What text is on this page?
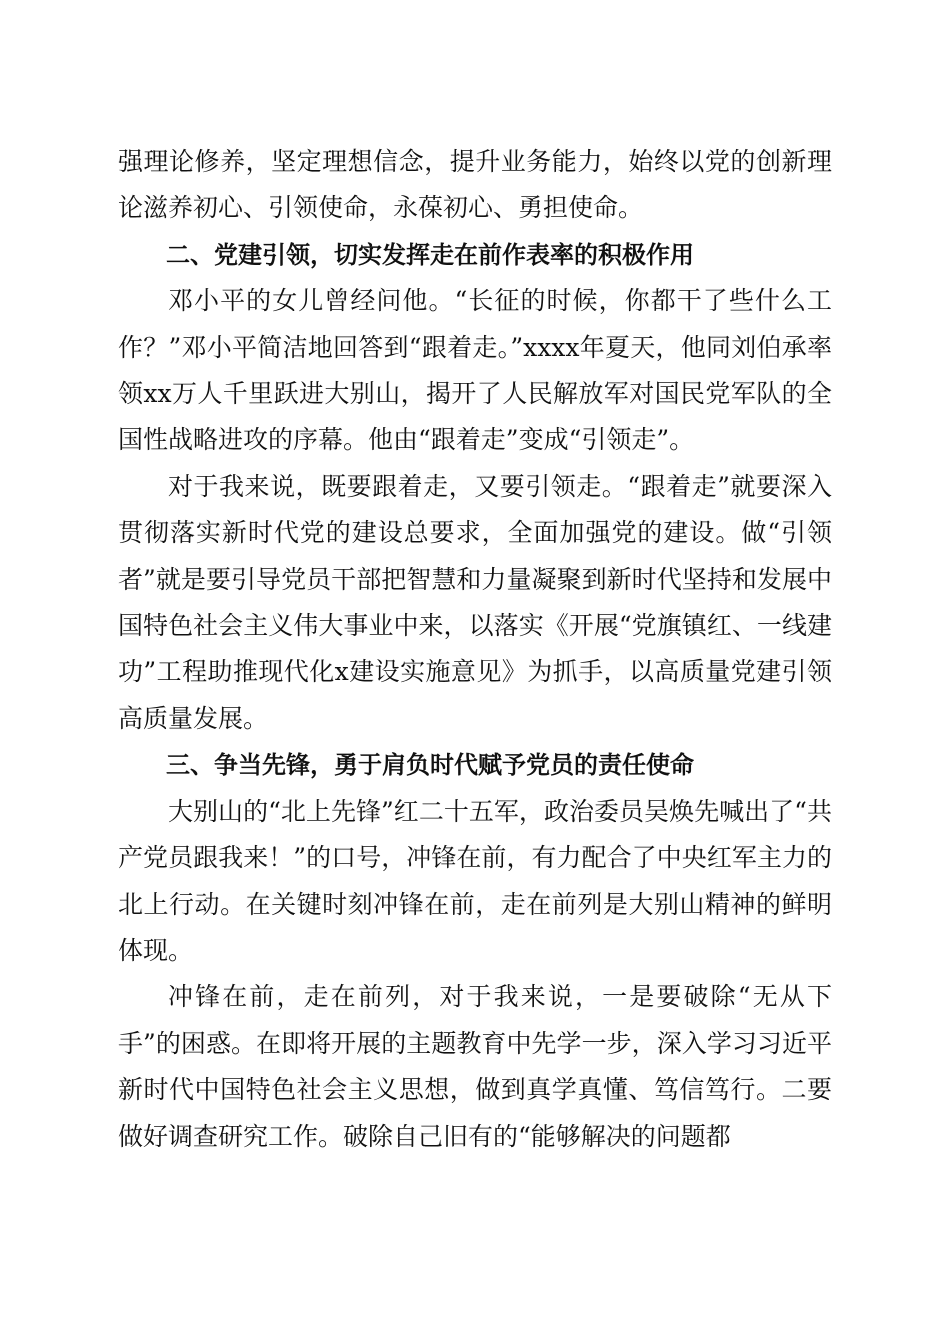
强理论修养，坚定理想信念，提升业务能力，始终以党的创新理论滋养初心、引领使命，永葆初心、勇担使命。

二、党建引领，切实发挥走在前作表率的积极作用

邓小平的女儿曾经问他。“长征的时候，你都干了些什么工作？”邓小平简洁地回答到“跟着走。”xxxx年夏天，他同刘伯承率领xx万人千里跃进大别山，揭开了人民解放军对国民党军队的全国性战略进攻的序幕。他由“跟着走”变成“引领走”。

对于我来说，既要跟着走，又要引领走。“跟着走”就要深入贯彻落实新时代党的建设总要求，全面加强党的建设。做“引领者”就是要引导党员干部把智慧和力量凝聚到新时代坚持和发展中国特色社会主义伟大事业中来，以落实《开展“党旗镇红、一线建功”工程助推现代化x建设实施意见》为抓手，以高质量党建引领高质量发展。

三、争当先锋，勇于肩负时代赋予党员的责任使命

大别山的“北上先锋”红二十五军，政治委员吴焕先喊出了“共产党员跟我来！”的口号，冲锋在前，有力配合了中央红军主力的北上行动。在关键时刻冲锋在前，走在前列是大别山精神的鲜明体现。

冲锋在前，走在前列，对于我来说，一是要破除“无从下手”的困惑。在即将开展的主题教育中先学一步，深入学习习近平新时代中国特色社会主义思想，做到真学真懂、笃信笃行。二要做好调查研究工作。破除自己旧有的“能够解决的问题都
